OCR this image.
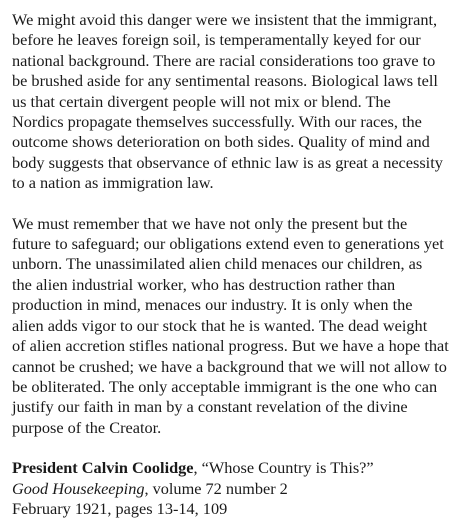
We might avoid this danger were we insistent that the immigrant,
before he leaves foreign soil, is temperamentally keyed for our
national background. There are racial considerations too grave to
be brushed aside for any sentimental reasons. Biological laws tell
us that certain divergent people will not mix or blend. The
Nordics propagate themselves successfully. With our races, the
outcome shows deterioration on both sides. Quality of mind and
body suggests that observance of ethnic law is as great a necessity
to a nation as immigration law.

We must remember that we have not only the present but the
future to safeguard; our obligations extend even to generations yet
unborn. The unassimilated alien child menaces our children, as
the alien industrial worker, who has destruction rather than
production in mind, menaces our industry. It is only when the
alien adds vigor to our stock that he is wanted. The dead weight
of alien accretion stifles national progress. But we have a hope that
cannot be crushed; we have a background that we will not allow to
be obliterated. The only acceptable immigrant is the one who can
justify our faith in man by a constant revelation of the divine
purpose of the Creator.

President Calvin Coolidge, “Whose Country is This?”
Good Housekeeping, volume 72 number 2
February 1921, pages 13-14, 109
